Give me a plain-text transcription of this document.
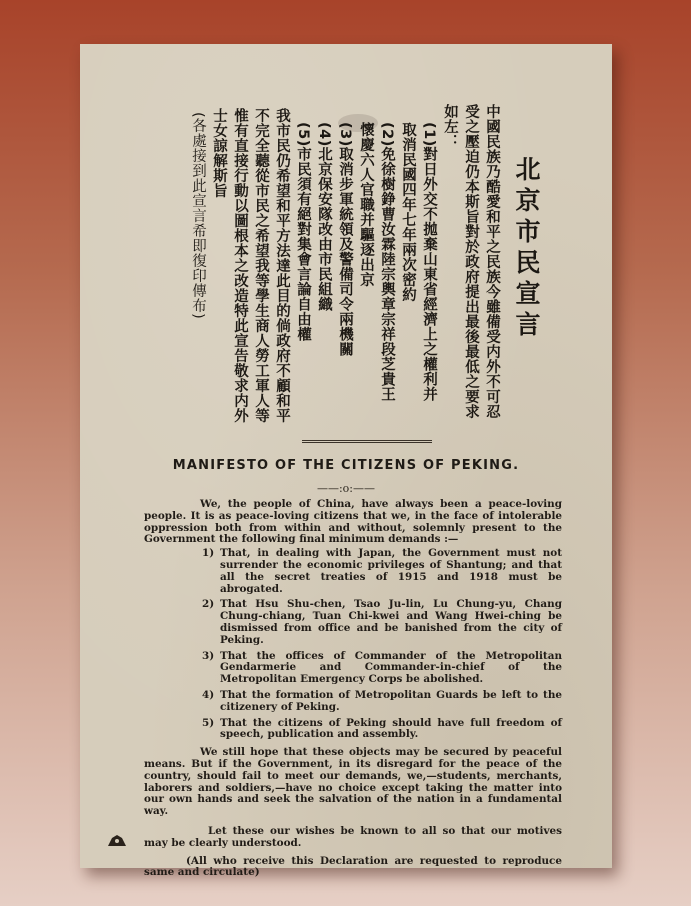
北京市民宣言
中國民族乃酷愛和平之民族今雖備受内外不可忍
受之壓迫仍本斯旨對於政府提出最後最低之要求
如左：
(1)對日外交不拋棄山東省經濟上之權利并
取消民國四年七年兩次密約
(2)免徐樹錚曹汝霖陸宗輿章宗祥段芝貴王
懷慶六人官職并驅逐出京
(3)取消步軍統領及警備司令兩機關
(4)北京保安隊改由市民組織
(5)市民須有絕對集會言論自由權
我市民仍希望和平方法達此目的倘政府不顧和平
不完全聽從市民之希望我等學生商人勞工軍人等
惟有直接行動以圖根本之改造特此宣告敬求内外
士女諒解斯旨
(各處接到此宣言希即復印傳布)
MANIFESTO OF THE CITIZENS OF PEKING.
——:o:——

We, the people of China, have always been a peace-loving people. It is as peace-loving citizens that we, in the face of intolerable oppression both from within and without, solemnly present to the Government the following final minimum demands :—

1) That, in dealing with Japan, the Government must not surrender the economic privileges of Shantung; and that all the secret treaties of 1915 and 1918 must be abrogated.
2) That Hsu Shu-chen, Tsao Ju-lin, Lu Chung-yu, Chang Chung-chiang, Tuan Chi-kwei and Wang Hwei-ching be dismissed from office and be banished from the city of Peking.
3) That the offices of Commander of the Metropolitan Gendarmerie and Commander-in-chief of the Metropolitan Emergency Corps be abolished.
4) That the formation of Metropolitan Guards be left to the citizenery of Peking.
5) That the citizens of Peking should have full freedom of speech, publication and assembly.

We still hope that these objects may be secured by peaceful means. But if the Government, in its disregard for the peace of the country, should fail to meet our demands, we,—students, merchants, laborers and soldiers,—have no choice except taking the matter into our own hands and seek the salvation of the nation in a fundamental way.

Let these our wishes be known to all so that our motives may be clearly understood.

(All who receive this Declaration are requested to reproduce same and circulate)
